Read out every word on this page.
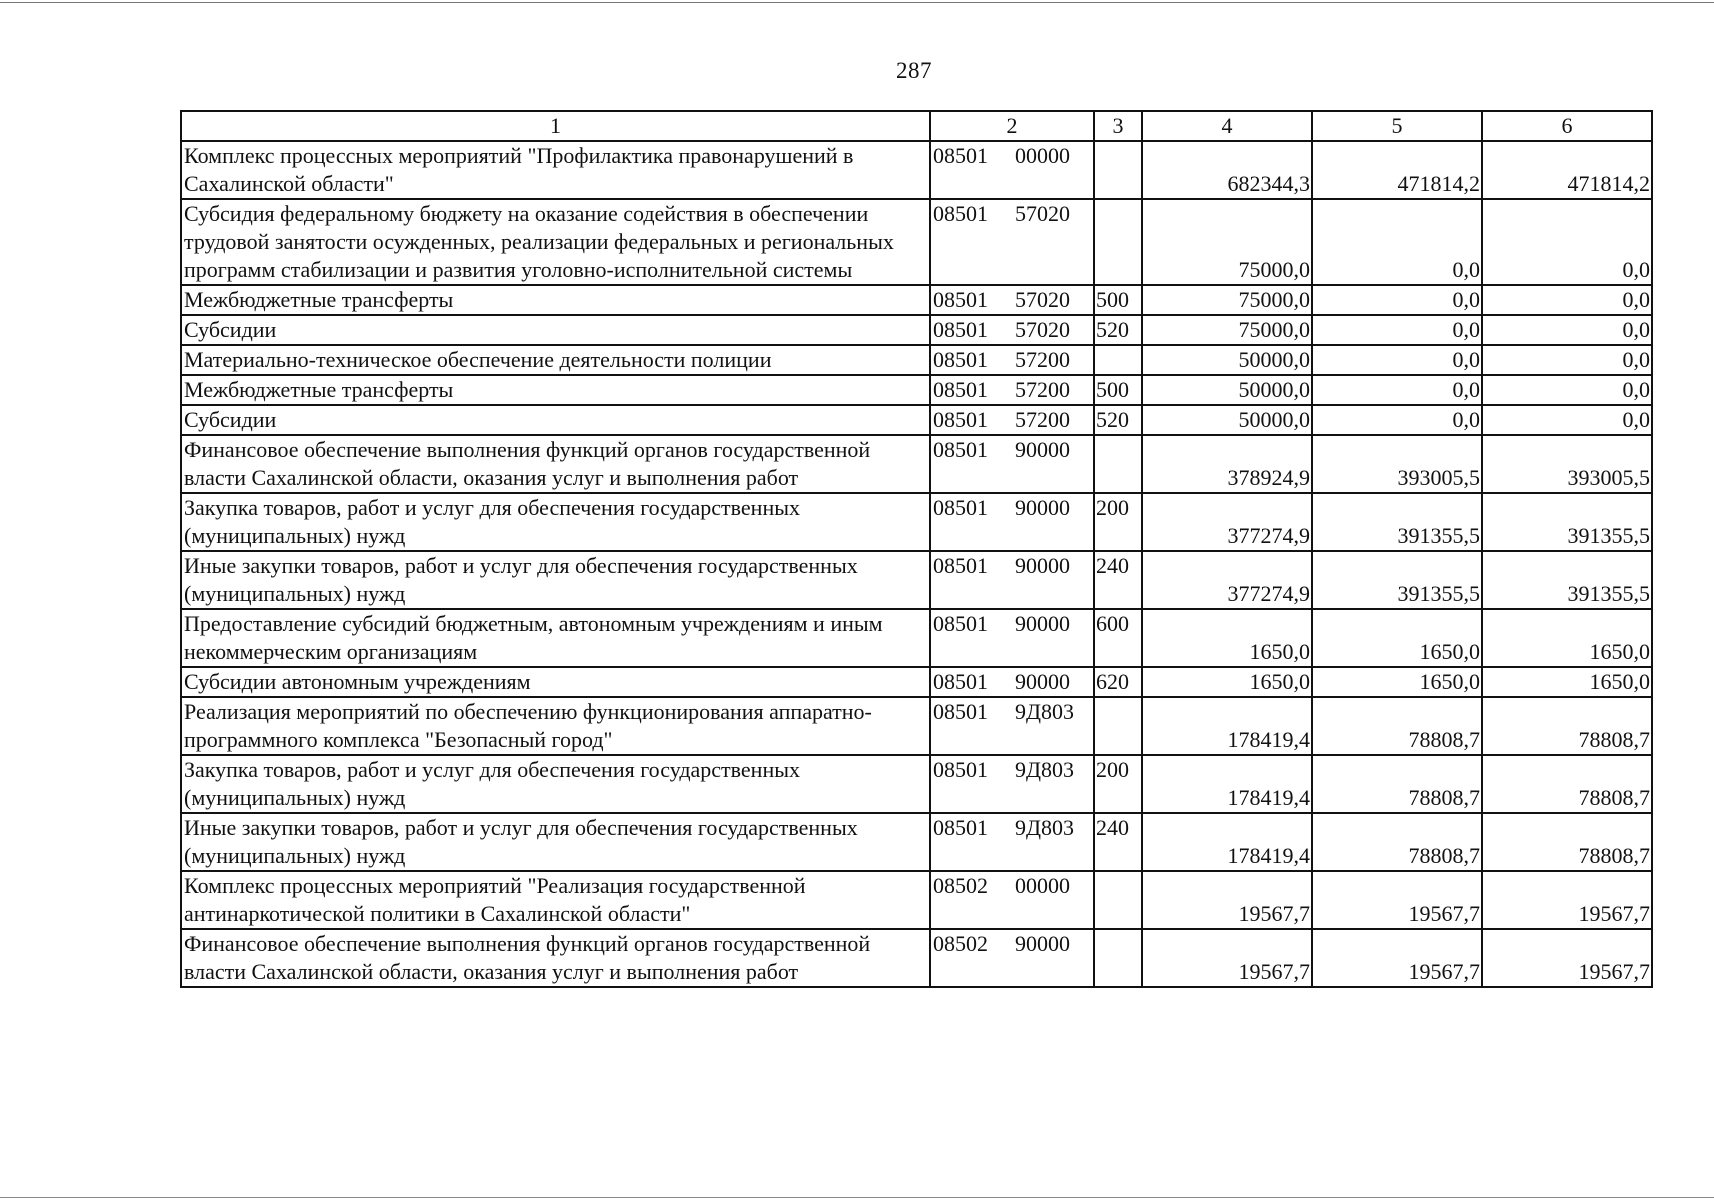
287
1	2	3	4	5	6
Комплекс процессных мероприятий "Профилактика правонарушений в Сахалинской области"	08501 00000		682344,3	471814,2	471814,2
Субсидия федеральному бюджету на оказание содействия в обеспечении трудовой занятости осужденных, реализации федеральных и региональных программ стабилизации и развития уголовно-исполнительной системы	08501 57020		75000,0	0,0	0,0
Межбюджетные трансферты	08501 57020	500	75000,0	0,0	0,0
Субсидии	08501 57020	520	75000,0	0,0	0,0
Материально-техническое обеспечение деятельности полиции	08501 57200		50000,0	0,0	0,0
Межбюджетные трансферты	08501 57200	500	50000,0	0,0	0,0
Субсидии	08501 57200	520	50000,0	0,0	0,0
Финансовое обеспечение выполнения функций органов государственной власти Сахалинской области, оказания услуг и выполнения работ	08501 90000		378924,9	393005,5	393005,5
Закупка товаров, работ и услуг для обеспечения государственных (муниципальных) нужд	08501 90000	200	377274,9	391355,5	391355,5
Иные закупки товаров, работ и услуг для обеспечения государственных (муниципальных) нужд	08501 90000	240	377274,9	391355,5	391355,5
Предоставление субсидий бюджетным, автономным учреждениям и иным некоммерческим организациям	08501 90000	600	1650,0	1650,0	1650,0
Субсидии автономным учреждениям	08501 90000	620	1650,0	1650,0	1650,0
Реализация мероприятий по обеспечению функционирования аппаратно-программного комплекса "Безопасный город"	08501 9Д803		178419,4	78808,7	78808,7
Закупка товаров, работ и услуг для обеспечения государственных (муниципальных) нужд	08501 9Д803	200	178419,4	78808,7	78808,7
Иные закупки товаров, работ и услуг для обеспечения государственных (муниципальных) нужд	08501 9Д803	240	178419,4	78808,7	78808,7
Комплекс процессных мероприятий "Реализация государственной антинаркотической политики в Сахалинской области"	08502 00000		19567,7	19567,7	19567,7
Финансовое обеспечение выполнения функций органов государственной власти Сахалинской области, оказания услуг и выполнения работ	08502 90000		19567,7	19567,7	19567,7
